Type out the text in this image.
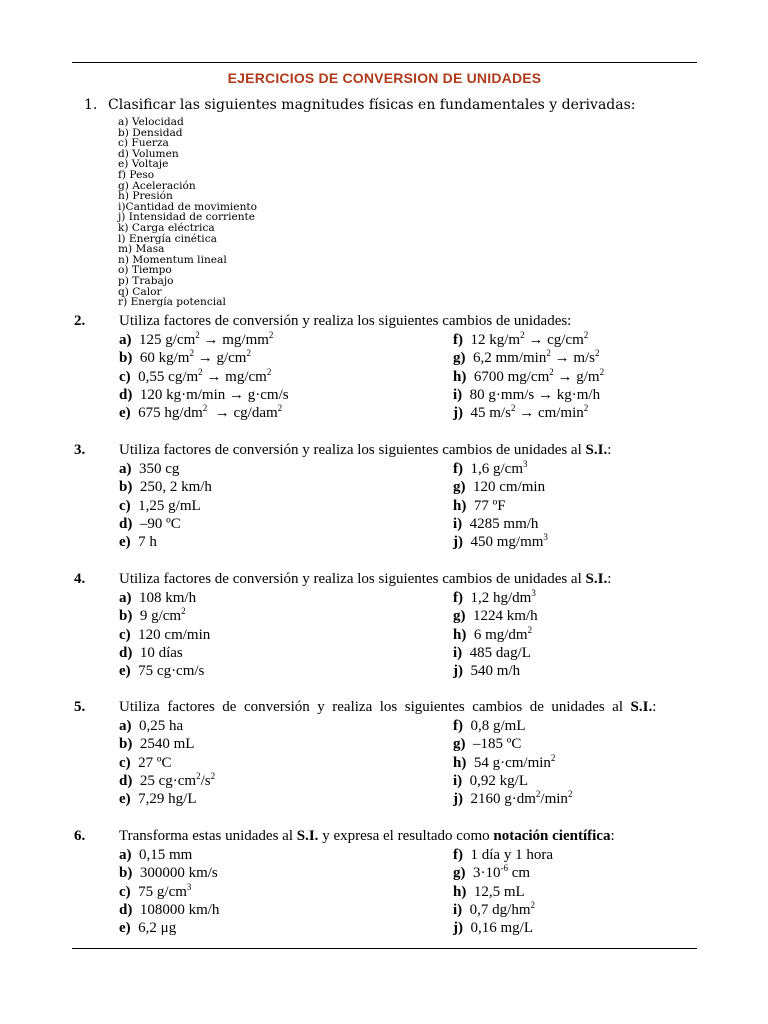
EJERCICIOS DE CONVERSION DE UNIDADES
1. Clasificar las siguientes magnitudes físicas en fundamentales y derivadas:
a) Velocidad
b) Densidad
c) Fuerza
d) Volumen
e) Voltaje
f) Peso
g) Aceleración
h) Presión
i)Cantidad de movimiento
j) Intensidad de corriente
k) Carga eléctrica
l) Energía cinética
m) Masa
n) Momentum lineal
o) Tiempo
p) Trabajo
q) Calor
r) Energía potencial
2. Utiliza factores de conversión y realiza los siguientes cambios de unidades:
a)  125 $g/cm^2 \to mg/mm^2$
b)  60 $kg/m^2 \to g/cm^2$
c)  0,55 $cg/m^2 \to mg/cm^2$
d)  120 kg·m/min → g·cm/s
e)  675 $hg/dm^2 \to cg/dam^2$
f)  12 $kg/m^2 \to cg/cm^2$
g)  6,2 $mm/\min^2 \to m/s^2$
h)  6700 $mg/cm^2 \to g/m^2$
i)  80 g·mm/s → kg·m/h
j)  45 $m/s^2 \to cm/\min^2$
3. Utiliza factores de conversión y realiza los siguientes cambios de unidades al S.I.:
a)  350 cg
b)  250, 2 km/h
c)  1,25 g/mL
d)  –90 ºC
e)  7 h
f)  1,6 $g/cm^3$
g)  120 cm/min
h)  77 ºF
i)  4285 mm/h
j)  450 $mg/mm^3$
4. Utiliza factores de conversión y realiza los siguientes cambios de unidades al S.I.:
a)  108 km/h
b)  9 $g/cm^2$
c)  120 cm/min
d)  10 días
e)  75 cg·cm/s
f)  1,2 $hg/dm^3$
g)  1224 km/h
h)  6 $mg/dm^2$
i)  485 dag/L
j)  540 m/h
5. Utiliza  factores  de  conversión  y  realiza  los  siguientes  cambios  de  unidades  al  S.I.:
a)  0,25 ha
b)  2540 mL
c)  27 ºC
d)  25 $cg\cdot cm^2/s^2$
e)  7,29 hg/L
f)  0,8 g/mL
g)  –185 ºC
h)  54 $g\cdot cm/\min^2$
i)  0,92 kg/L
j)  2160 $g\cdot dm^2/\min^2$
6. Transforma estas unidades al S.I. y expresa el resultado como notación científica:
a)  0,15 mm
b)  300000 km/s
c)  75 $g/cm^3$
d)  108000 km/h
e)  6,2 μg
f)  1 día y 1 hora
g)  $3\cdot 10^{-6}$ cm
h)  12,5 mL
i)  0,7 $dg/hm^2$
j)  0,16 mg/L
